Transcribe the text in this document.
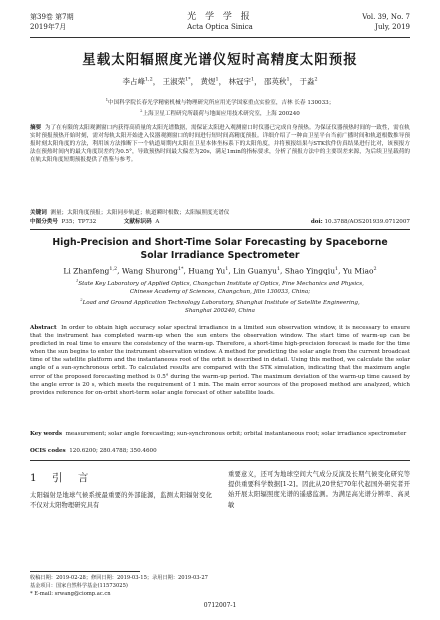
第39卷 第7期
2019年7月
光 学 学 报
Acta Optica Sinica
Vol. 39, No. 7
July, 2019
星载太阳辐照度光谱仪短时高精度太阳预报
李占峰$^{1,2}$， 王淑荣$^{1*}$， 黄煜$^1$， 林冠宇$^1$， 邵英秋$^1$， 于淼$^2$
$^1$中国科学院长春光学精密机械与物理研究所应用光学国家重点实验室，吉林 长春 130033；
$^2$上海卫星工程研究所载荷与地面应用技术研究室，上海 200240
摘要 为了在有限的太阳观测窗口内获得高质量的太阳光谱数据，需保证太阳进入观测窗口时仪器已完成自身预热。为保证仪器预热时间的一致性，需在轨实时预报预热开始时刻，需对每轨太阳开始进入仪器观测窗口的时间进行短时间高精度预报。详细介绍了一种由卫星平台当前广播时间和轨道根数推导预报时刻太阳角度的方法，利用该方法推断下一个轨道周期内太阳在卫星本体坐标系下的太阳角度，并将预报结果与STK软件仿真结果进行比对，该预报方法在预热时间内的最大角度误差约为0.5°，导致预热时间最大偏差为20s，满足1min的指标要求，分析了预报方法中的主要误差来源，为后续卫星载荷的在轨太阳角度短期预报提供了借鉴与参考。
关键词 测量；太阳角度预报；太阳同步轨道；轨道瞬时根数；太阳辐照度光谱仪
中图分类号 P35；TP732	文献标识码 A	doi: 10.3788/AOS201939.0712007
High-Precision and Short-Time Solar Forecasting by Spaceborne
Solar Irradiance Spectrometer
Li Zhanfeng$^{1,2}$, Wang Shurong$^{1*}$, Huang Yu$^1$, Lin Guanyu$^1$, Shao Yingqiu$^1$, Yu Miao$^2$
$^1$State Key Laboratory of Applied Optics, Changchun Institute of Optics, Fine Mechanics and Physics,
Chinese Academy of Sciences, Changchun, Jilin 130033, China;
$^2$Load and Ground Application Technology Laboratory, Shanghai Institute of Satellite Engineering,
Shanghai 200240, China
Abstract In order to obtain high accuracy solar spectral irradiance in a limited sun observation window, it is necessary to ensure that the instrument has completed warm-up when the sun enters the observation window. The start time of warm-up can be predicted in real time to ensure the consistency of the warm-up. Therefore, a short-time high-precision forecast is made for the time when the sun begins to enter the instrument observation window. A method for predicting the solar angle from the current broadcast time of the satellite platform and the instantaneous root of the orbit is described in detail. Using this method, we calculate the solar angle of a sun-synchronous orbit. To calculated results are compared with the STK simulation, indicating that the maximum angle error of the proposed forecasting method is 0.5° during the warm-up period. The maximum deviation of the warm-up time caused by the angle error is 20 s, which meets the requirement of 1 min. The main error sources of the proposed method are analyzed, which provides reference for on-orbit short-term solar angle forecast of other satellite loads.
Key words measurement; solar angle forecasting; sun-synchronous orbit; orbital instantaneous root; solar irradiance spectrometer
OCIS codes 120.6200; 280.4788; 350.4600
1 引 言
太阳辐射是地球气候系统最重要的外部能源，监测太阳辐射变化不仅对太阳物理研究具有
重要意义，还可为地球空间大气成分反演及长期气候变化研究等提供重要科学数据[1-2]。因此从20世纪70年代起国外研究者开始开展太阳辐照度光谱的遥感监测。为满足高光谱分辨率、高灵敏
收稿日期：2019-02-28；修回日期：2019-03-15；录用日期：2019-03-27
基金项目：国家自然科学基金(11573025)
* E-mail: srwang@ciomp.ac.cn
0712007-1
